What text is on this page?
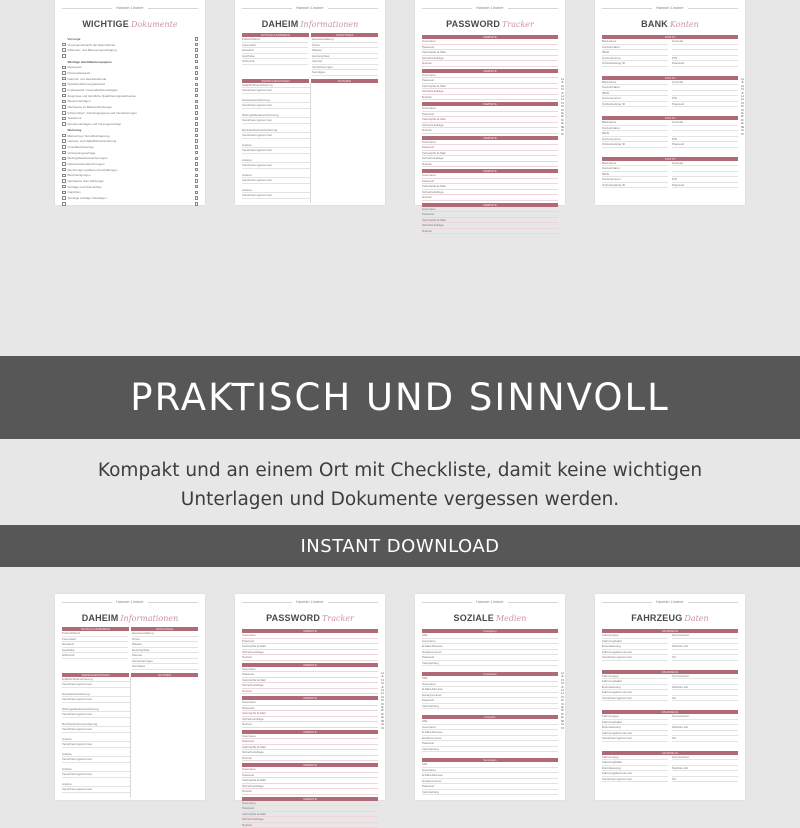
Hannah Lindner
WICHTIGE Dokumente
Vorsorge
Vorsorgevollmacht der Eltern/Kinder
Patienten- und Betreuungsverfügung
Wichtige Identifikationspapiere
Reisepass
Personalausweis
Geburts- und Heiratsurkunde
Sozialversicherungsausweis
Impfausweis / Gesundheitsunterlagen
Zeugnisse und berufliche Qualifizierungsnachweise
Steuerunterlagen
Nachweise zu Bankverbindungen
Führerschein, Fahrzeugpapiere und Versicherungen
Testament
Rentenunterlagen und Vorsorgeverträge
Wohnung
Mietvertrag / Grundbuchauszug
Hausrat- und Haftpflichtversicherung
Grundbuchauszüge
Versorgungsverträge
Wohngebäudeversicherungen
Nebenkostenabrechnungen
Rechnungen größerer Anschaffungen
Bescheinigungen
Nachweise über Zahlungen
Verträge und Vollmachten
Garantien
Sonstige wichtige Unterlagen
Hannah Lindner
DAHEIM Informationen
NOTFALLNUMMERN	SONSTIGES
Polizei/Notruf
Feuerwehr
Hausarzt
Apotheke
Giftnotruf
Hausverwaltung
Strom
Wasser
Heizung/Gas
Internet
Versicherungen
Sonstiges
VERSICHERUNGEN	NOTIZEN
Haftpflichtversicherung
Versicherungsnummer
Hausratversicherung
Versicherungsnummer
Wohngebäudeversicherung
Versicherungsnummer
Rechtsschutzversicherung
Versicherungsnummer
Andere
Versicherungsnummer
Andere
Versicherungsnummer
Andere
Versicherungsnummer
Andere
Versicherungsnummer
Hannah Lindner
PASSWORD Tracker
WEBSITE
Username
Passwort
Verknüpfte E-Mail
Sicherheitsfrage
Notizen
WEBSITE
Username
Passwort
Verknüpfte E-Mail
Sicherheitsfrage
Notizen
WEBSITE
Username
Passwort
Verknüpfte E-Mail
Sicherheitsfrage
Notizen
WEBSITE
Username
Passwort
Verknüpfte E-Mail
Sicherheitsfrage
Notizen
WEBSITE
Username
Passwort
Verknüpfte E-Mail
Sicherheitsfrage
Notizen
WEBSITE
Username
Passwort
Verknüpfte E-Mail
Sicherheitsfrage
Notizen
HANNAH LINDNER DESIGN
Hannah Lindner
BANK Konten
KONTO
Bankname	Kontoart
Kontoinhaber
IBAN
Kontonummer	PIN
Onlinebanking ID	Passwort
KONTO
Bankname	Kontoart
Kontoinhaber
IBAN
Kontonummer	PIN
Onlinebanking ID	Passwort
KONTO
Bankname	Kontoart
Kontoinhaber
IBAN
Kontonummer	PIN
Onlinebanking ID	Passwort
KONTO
Bankname	Kontoart
Kontoinhaber
IBAN
Kontonummer	PIN
Onlinebanking ID	Passwort
HANNAH LINDNER DESIGN
PRAKTISCH UND SINNVOLL
Kompakt und an einem Ort mit Checkliste, damit keine wichtigen
Unterlagen und Dokumente vergessen werden.
INSTANT DOWNLOAD
Hannah Lindner
DAHEIM Informationen
NOTFALLNUMMERN	SONSTIGES
Polizei/Notruf
Feuerwehr
Hausarzt
Apotheke
Giftnotruf
Hausverwaltung
Strom
Wasser
Heizung/Gas
Internet
Versicherungen
Sonstiges
VERSICHERUNGEN	NOTIZEN
Haftpflichtversicherung
Versicherungsnummer
Hausratversicherung
Versicherungsnummer
Wohngebäudeversicherung
Versicherungsnummer
Rechtsschutzversicherung
Versicherungsnummer
Andere
Versicherungsnummer
Andere
Versicherungsnummer
Andere
Versicherungsnummer
Andere
Versicherungsnummer
Hannah Lindner
PASSWORD Tracker
WEBSITE
Username
Passwort
Verknüpfte E-Mail
Sicherheitsfrage
Notizen
WEBSITE
Username
Passwort
Verknüpfte E-Mail
Sicherheitsfrage
Notizen
WEBSITE
Username
Passwort
Verknüpfte E-Mail
Sicherheitsfrage
Notizen
WEBSITE
Username
Passwort
Verknüpfte E-Mail
Sicherheitsfrage
Notizen
WEBSITE
Username
Passwort
Verknüpfte E-Mail
Sicherheitsfrage
Notizen
WEBSITE
Username
Passwort
Verknüpfte E-Mail
Sicherheitsfrage
Notizen
HANNAH LINDNER DESIGN
Hannah Lindner
SOZIALE Medien
Instagram
URL
Username
E-Mail-Adresse
Handynummer
Passwort
Verknüpfung
Facebook
URL
Username
E-Mail-Adresse
Handynummer
Passwort
Verknüpfung
LinkedIn
URL
Username
E-Mail-Adresse
Handynummer
Passwort
Verknüpfung
Sonstiges
URL
Username
E-Mail-Adresse
Handynummer
Passwort
Verknüpfung
HANNAH LINDNER DESIGN
Hannah Lindner
FAHRZEUG Daten
FAHRZEUG
Fahrzeugtyp	Kennzeichen
Fahrzeughalter
Erstzulassung	Nächste HU
Fahrzeugidentnummer
Versicherungsnummer	Tel.
FAHRZEUG
Fahrzeugtyp	Kennzeichen
Fahrzeughalter
Erstzulassung	Nächste HU
Fahrzeugidentnummer
Versicherungsnummer	Tel.
FAHRZEUG
Fahrzeugtyp	Kennzeichen
Fahrzeughalter
Erstzulassung	Nächste HU
Fahrzeugidentnummer
Versicherungsnummer	Tel.
FAHRZEUG
Fahrzeugtyp	Kennzeichen
Fahrzeughalter
Erstzulassung	Nächste HU
Fahrzeugidentnummer
Versicherungsnummer	Tel.
